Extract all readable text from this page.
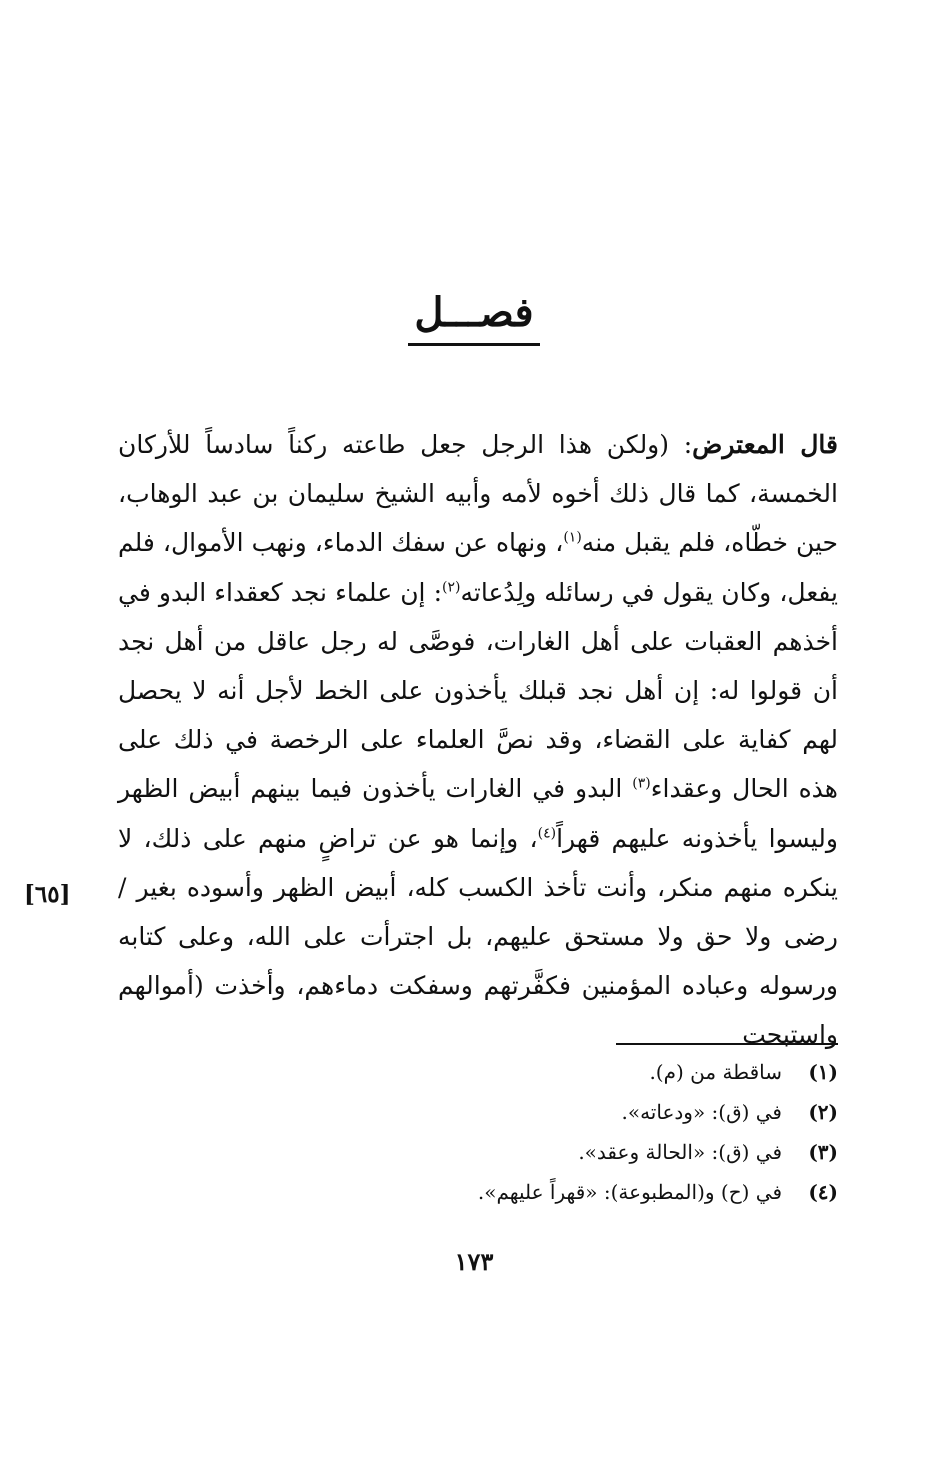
فصـــل
[٦٥]
قال المعترض: (ولكن هذا الرجل جعل طاعته ركناً سادساً للأركان الخمسة، كما قال ذلك أخوه لأمه وأبيه الشيخ سليمان بن عبد الوهاب، حين خطّاه، فلم يقبل منه$^{(١)}$، ونهاه عن سفك الدماء، ونهب الأموال، فلم يفعل، وكان يقول في رسائله ولِدُعاته$^{(٢)}$: إن علماء نجد كعقداء البدو في أخذهم العقبات على أهل الغارات، فوصَّى له رجل عاقل من أهل نجد أن قولوا له: إن أهل نجد قبلك يأخذون على الخط لأجل أنه لا يحصل لهم كفاية على القضاء، وقد نصَّ العلماء على الرخصة في ذلك على هذه الحال وعقداء$^{(٣)}$ البدو في الغارات يأخذون فيما بينهم أبيض الظهر وليسوا يأخذونه عليهم قهراً$^{(٤)}$، وإنما هو عن تراضٍ منهم على ذلك، لا ينكره منهم منكر، وأنت تأخذ الكسب كله، أبيض الظهر وأسوده بغير / رضى ولا حق ولا مستحق عليهم، بل اجترأت على الله، وعلى كتابه ورسوله وعباده المؤمنين فكفَّرتهم وسفكت دماءهم، وأخذت (أموالهم واستبحت
(١)ساقطة من (م).
(٢)في (ق): «ودعاته».
(٣)في (ق): «الحالة وعقد».
(٤)في (ح) و(المطبوعة): «قهراً عليهم».
١٧٣
